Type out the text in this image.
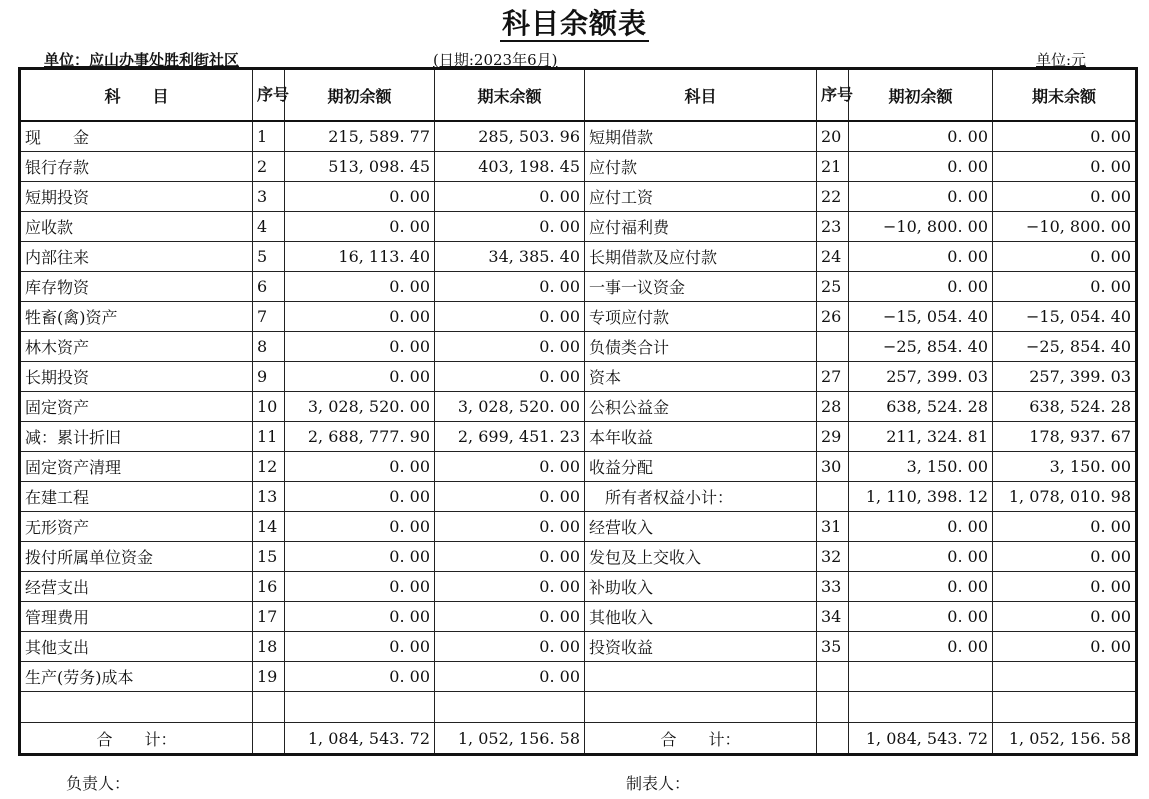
科目余额表
单位：应山办事处胜利街社区	(日期:2023年6月)	单位:元
科　　目	序号	期初余额	期末余额	科目	序号	期初余额	期末余额
现　　金	1	215, 589. 77	285, 503. 96	短期借款	20	0. 00	0. 00
银行存款	2	513, 098. 45	403, 198. 45	应付款	21	0. 00	0. 00
短期投资	3	0. 00	0. 00	应付工资	22	0. 00	0. 00
应收款	4	0. 00	0. 00	应付福利费	23	−10, 800. 00	−10, 800. 00
内部往来	5	16, 113. 40	34, 385. 40	长期借款及应付款	24	0. 00	0. 00
库存物资	6	0. 00	0. 00	一事一议资金	25	0. 00	0. 00
牲畜(禽)资产	7	0. 00	0. 00	专项应付款	26	−15, 054. 40	−15, 054. 40
林木资产	8	0. 00	0. 00	负债类合计		−25, 854. 40	−25, 854. 40
长期投资	9	0. 00	0. 00	资本	27	257, 399. 03	257, 399. 03
固定资产	10	3, 028, 520. 00	3, 028, 520. 00	公积公益金	28	638, 524. 28	638, 524. 28
减：累计折旧	11	2, 688, 777. 90	2, 699, 451. 23	本年收益	29	211, 324. 81	178, 937. 67
固定资产清理	12	0. 00	0. 00	收益分配	30	3, 150. 00	3, 150. 00
在建工程	13	0. 00	0. 00	　所有者权益小计：		1, 110, 398. 12	1, 078, 010. 98
无形资产	14	0. 00	0. 00	经营收入	31	0. 00	0. 00
拨付所属单位资金	15	0. 00	0. 00	发包及上交收入	32	0. 00	0. 00
经营支出	16	0. 00	0. 00	补助收入	33	0. 00	0. 00
管理费用	17	0. 00	0. 00	其他收入	34	0. 00	0. 00
其他支出	18	0. 00	0. 00	投资收益	35	0. 00	0. 00
生产(劳务)成本	19	0. 00	0. 00				

合　　计：		1, 084, 543. 72	1, 052, 156. 58	合　　计：		1, 084, 543. 72	1, 052, 156. 58
负责人：	制表人：
